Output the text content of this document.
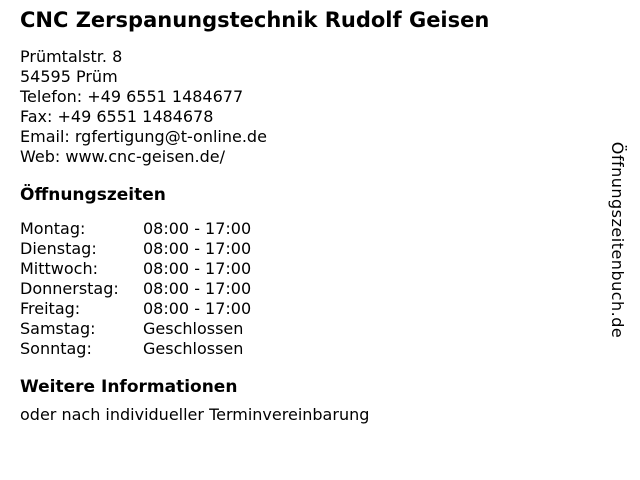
CNC Zerspanungstechnik Rudolf Geisen
Prümtalstr. 8
54595 Prüm
Telefon: +49 6551 1484677
Fax: +49 6551 1484678
Email: rgfertigung@t-online.de
Web: www.cnc-geisen.de/
Öffnungszeiten
Montag:	08:00 - 17:00
Dienstag:	08:00 - 17:00
Mittwoch:	08:00 - 17:00
Donnerstag:	08:00 - 17:00
Freitag:	08:00 - 17:00
Samstag:	Geschlossen
Sonntag:	Geschlossen
Weitere Informationen
oder nach individueller Terminvereinbarung
Öffnungszeitenbuch.de
